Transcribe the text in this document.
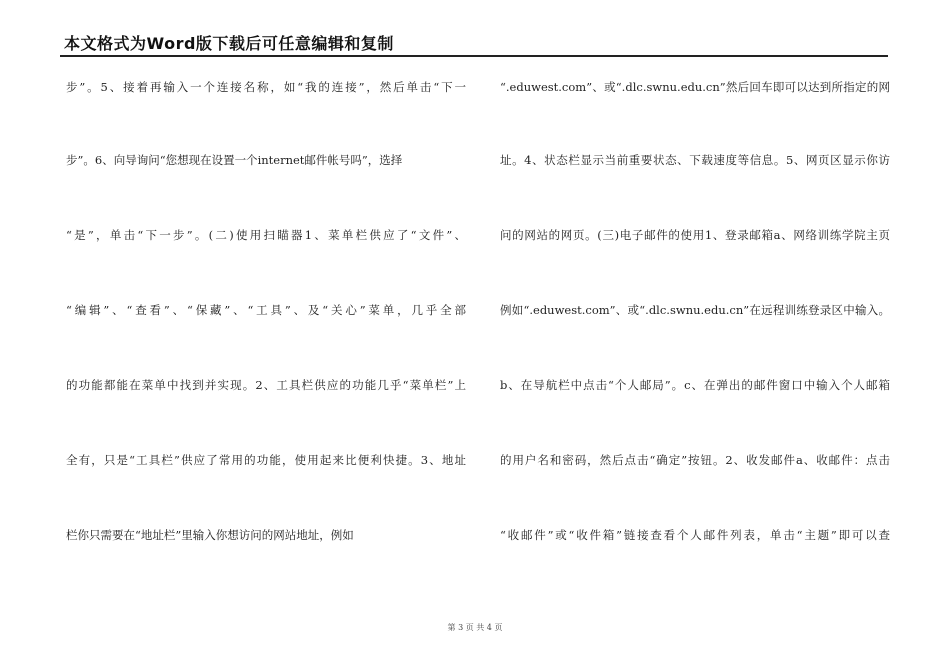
本文格式为Word版下载后可任意编辑和复制
步”。5、接着再输入一个连接名称，如“我的连接”，然后单击“下一
步”。6、向导询问“您想现在设置一个internet邮件帐号吗”，选择
“是”，单击“下一步”。(二)使用扫瞄器1、菜单栏供应了“文件”、
“编辑”、“查看”、“保藏”、“工具”、及“关心”菜单，几乎全部
的功能都能在菜单中找到并实现。2、工具栏供应的功能几乎“菜单栏”上
全有，只是“工具栏”供应了常用的功能，使用起来比便利快捷。3、地址
栏你只需要在“地址栏”里输入你想访问的网站地址，例如
“.eduwest.com”、或“.dlc.swnu.edu.cn”然后回车即可以达到所指定的网
址。4、状态栏显示当前重要状态、下载速度等信息。5、网页区显示你访
问的网站的网页。(三)电子邮件的使用1、登录邮箱a、网络训练学院主页
例如“.eduwest.com”、或“.dlc.swnu.edu.cn”在远程训练登录区中输入。
b、在导航栏中点击“个人邮局”。c、在弹出的邮件窗口中输入个人邮箱
的用户名和密码，然后点击“确定”按钮。2、收发邮件a、收邮件：点击
“收邮件”或“收件箱”链接查看个人邮件列表，单击“主题”即可以查
第 3 页 共 4 页
